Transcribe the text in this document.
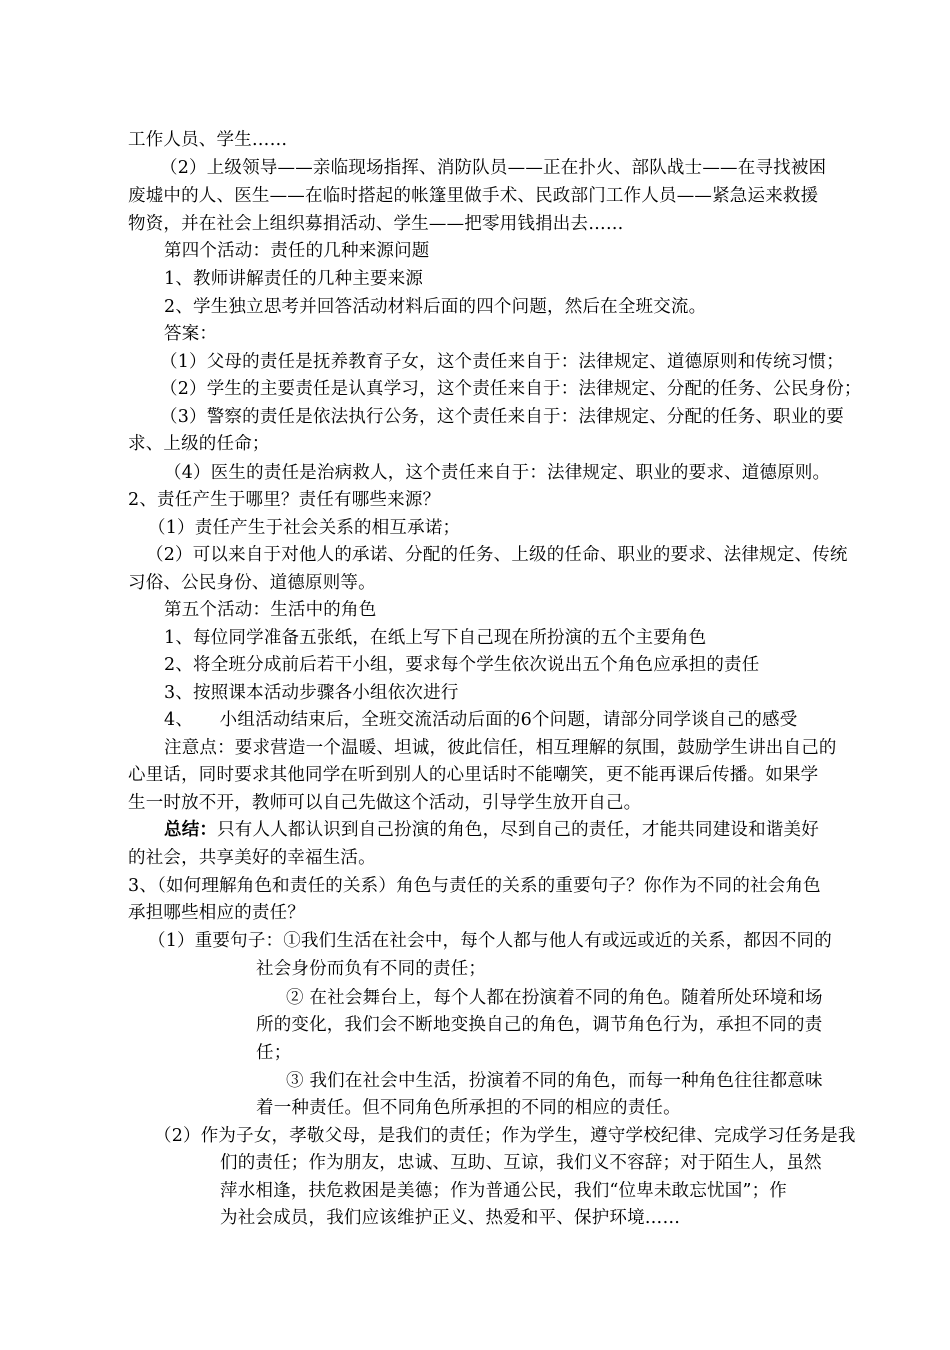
工作人员、学生……
（2）上级领导——亲临现场指挥、消防队员——正在扑火、部队战士——在寻找被困
废墟中的人、医生——在临时搭起的帐篷里做手术、民政部门工作人员——紧急运来救援
物资，并在社会上组织募捐活动、学生——把零用钱捐出去……
第四个活动：责任的几种来源问题
1、教师讲解责任的几种主要来源
2、学生独立思考并回答活动材料后面的四个问题，然后在全班交流。
答案：
（1）父母的责任是抚养教育子女，这个责任来自于：法律规定、道德原则和传统习惯；
（2）学生的主要责任是认真学习，这个责任来自于：法律规定、分配的任务、公民身份；
（3）警察的责任是依法执行公务，这个责任来自于：法律规定、分配的任务、职业的要
求、上级的任命；
（4）医生的责任是治病救人，这个责任来自于：法律规定、职业的要求、道德原则。
2、责任产生于哪里？责任有哪些来源？
（1）责任产生于社会关系的相互承诺；
（2）可以来自于对他人的承诺、分配的任务、上级的任命、职业的要求、法律规定、传统
习俗、公民身份、道德原则等。
第五个活动：生活中的角色
1、每位同学准备五张纸，在纸上写下自己现在所扮演的五个主要角色
2、将全班分成前后若干小组，要求每个学生依次说出五个角色应承担的责任
3、按照课本活动步骤各小组依次进行
4、　　小组活动结束后，全班交流活动后面的6个问题，请部分同学谈自己的感受
注意点：要求营造一个温暖、坦诚，彼此信任，相互理解的氛围，鼓励学生讲出自己的
心里话，同时要求其他同学在听到别人的心里话时不能嘲笑，更不能再课后传播。如果学
生一时放不开，教师可以自己先做这个活动，引导学生放开自己。
总结：只有人人都认识到自己扮演的角色，尽到自己的责任，才能共同建设和谐美好
的社会，共享美好的幸福生活。
3、（如何理解角色和责任的关系）角色与责任的关系的重要句子？你作为不同的社会角色
承担哪些相应的责任？
（1）重要句子：①我们生活在社会中，每个人都与他人有或远或近的关系，都因不同的
社会身份而负有不同的责任；
② 在社会舞台上，每个人都在扮演着不同的角色。随着所处环境和场
所的变化，我们会不断地变换自己的角色，调节角色行为，承担不同的责
任；
③ 我们在社会中生活，扮演着不同的角色，而每一种角色往往都意味
着一种责任。但不同角色所承担的不同的相应的责任。
（2）作为子女，孝敬父母，是我们的责任；作为学生，遵守学校纪律、完成学习任务是我
们的责任；作为朋友，忠诚、互助、互谅，我们义不容辞；对于陌生人，虽然
萍水相逢，扶危救困是美德；作为普通公民，我们“位卑未敢忘忧国”；作
为社会成员，我们应该维护正义、热爱和平、保护环境……
